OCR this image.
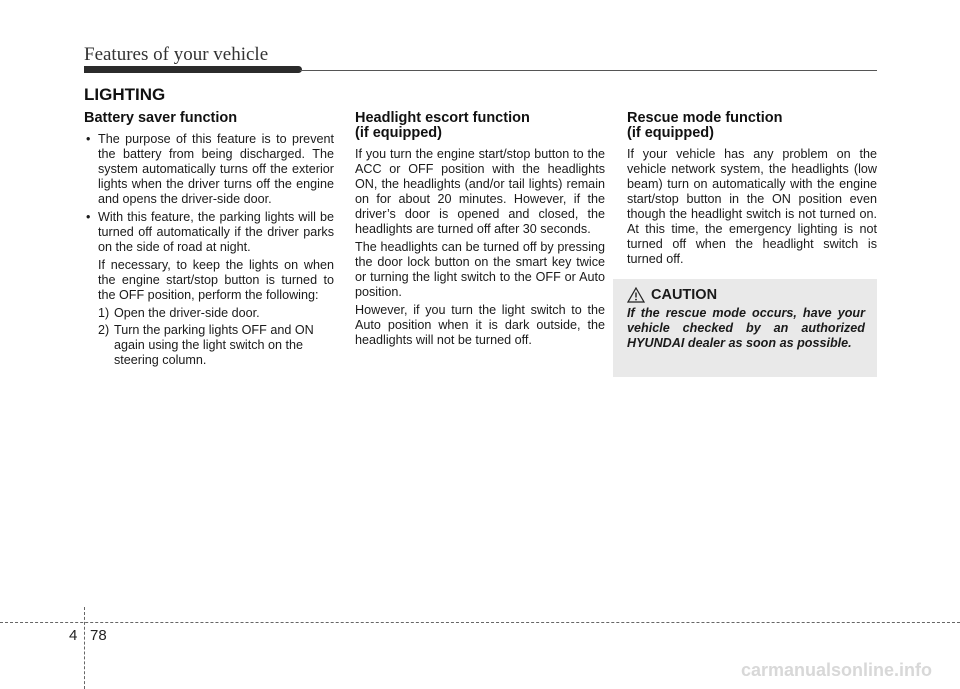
Features of your vehicle
LIGHTING
Battery saver function
• The purpose of this feature is to prevent the battery from being discharged. The system automatically turns off the exterior lights when the driver turns off the engine and opens the driver-side door.
• With this feature, the parking lights will be turned off automatically if the driver parks on the side of road at night.
If necessary, to keep the lights on when the engine start/stop button is turned to the OFF position, perform the following:
1) Open the driver-side door.
2) Turn the parking lights OFF and ON again using the light switch on the steering column.
Headlight escort function
(if equipped)

If you turn the engine start/stop button to the ACC or OFF position with the headlights ON, the headlights (and/or tail lights) remain on for about 20 minutes. However, if the driver’s door is opened and closed, the headlights are turned off after 30 seconds.

The headlights can be turned off by pressing the door lock button on the smart key twice or turning the light switch to the OFF or Auto position.

However, if you turn the light switch to the Auto position when it is dark outside, the headlights will not be turned off.

Rescue mode function
(if equipped)

If your vehicle has any problem on the vehicle network system, the headlights (low beam) turn on automatically with the engine start/stop button in the ON position even though the headlight switch is not turned on. At this time, the emergency lighting is not turned off when the headlight switch is turned off.

CAUTION
If the rescue mode occurs, have your vehicle checked by an authorized HYUNDAI dealer as soon as possible.
4 78
carmanualsonline.info
